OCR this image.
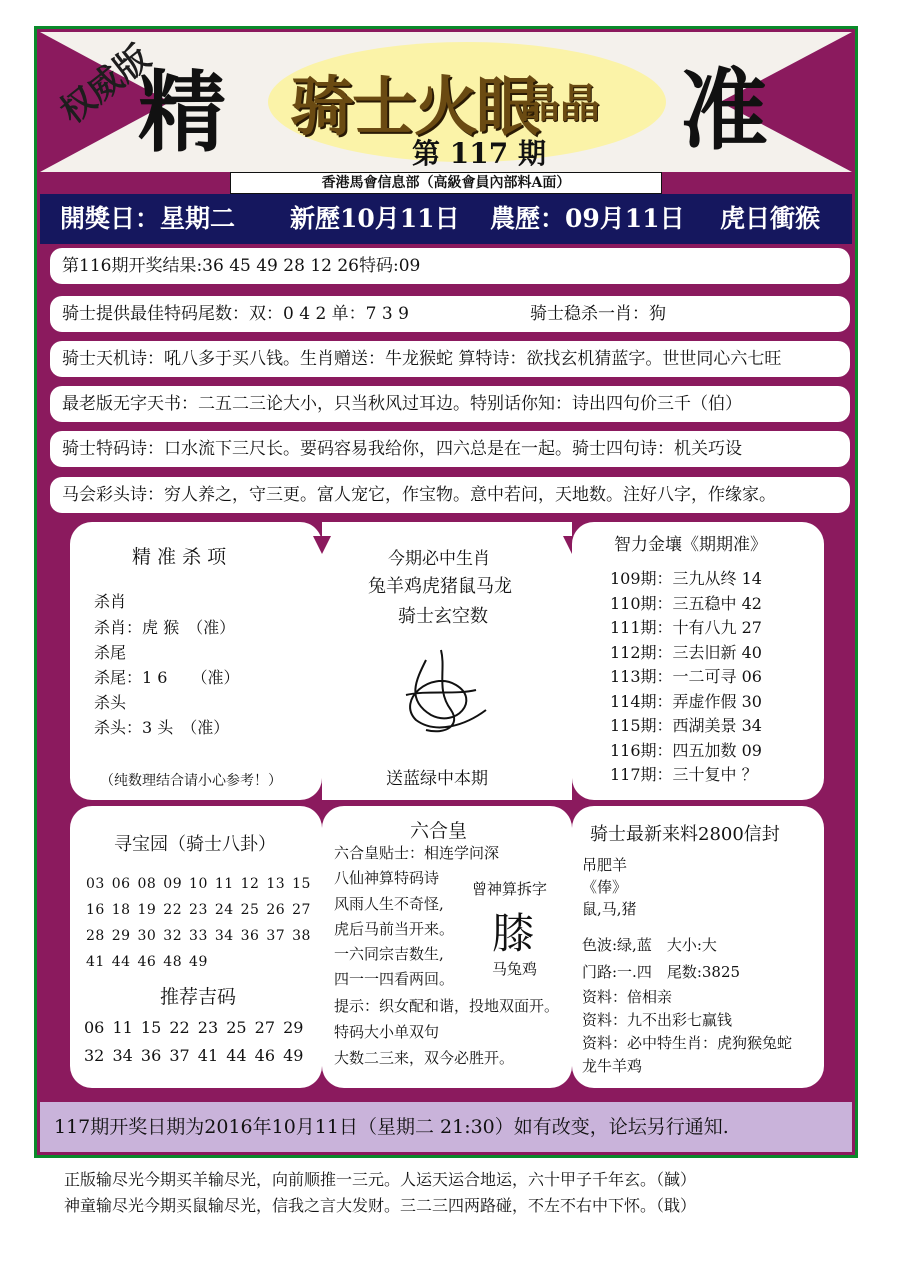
权威版
精 骑士火眼
晶晶 准
第 117 期
香港馬會信息部（高級會員內部料A面）
開獎日：星期二 新歷10月11日 農歷：09月11日 虎日衝猴
第116期开奖结果:36 45 49 28 12 26特码:09
骑士提供最佳特码尾数：双：0 4 2 单：7 3 9	骑士稳杀一肖：狗
骑士天机诗：吼八多于买八钱。生肖赠送：牛龙猴蛇 算特诗：欲找玄机猜蓝字。世世同心六七旺
最老版无字天书：二五二三论大小，只当秋风过耳边。特别话你知：诗出四句价三千（伯）
骑士特码诗：口水流下三尺长。要码容易我给你，四六总是在一起。骑士四句诗：机关巧设
马会彩头诗：穷人养之，守三更。富人宠它，作宝物。意中若问，天地数。注好八字，作缘家。
精 准 杀 项
杀肖
杀肖：虎 猴　（准）
杀尾
杀尾：1 6　　（准）
杀头
杀头：3 头　（准）
（纯数理结合请小心参考！）
今期必中生肖
兔羊鸡虎猪鼠马龙
骑士玄空数
送蓝绿中本期
智力金壤《期期准》
109期：三九从终 14
110期：三五稳中 42
111期：十有八九 27
112期：三去旧新 40
113期：一二可寻 06
114期：弄虚作假 30
115期：西湖美景 34
116期：四五加数 09
117期：三十复中 ？
寻宝园（骑士八卦）
03 06 08 09 10 11 12 13 15
16 18 19 22 23 24 25 26 27
28 29 30 32 33 34 36 37 38
41 44 46 48 49
推荐吉码
06 11 15 22 23 25 27 29
32 34 36 37 41 44 46 49
六合皇
六合皇贴士：相连学问深
八仙神算特码诗
风雨人生不奇怪,
虎后马前当开来。
一六同宗吉数生,
四一一四看两回。
提示：织女配和谐，投地双面开。
特码大小单双句
大数二三来，双今必胜开。
曾神算拆字
膝
马兔鸡
骑士最新来料2800信封
吊肥羊
《俸》
鼠,马,猪
色波:绿,蓝　大小:大
门路:一.四　尾数:3825
资料：倍相亲
资料：九不出彩七赢钱
资料：必中特生肖：虎狗猴兔蛇
龙牛羊鸡
117期开奖日期为2016年10月11日（星期二 21:30）如有改变，论坛另行通知.
正版输尽光今期买羊输尽光，向前顺推一三元。人运天运合地运，六十甲子千年玄。（馘）
神童输尽光今期买鼠输尽光，信我之言大发财。三二三四两路碰，不左不右中下怀。（戢）
